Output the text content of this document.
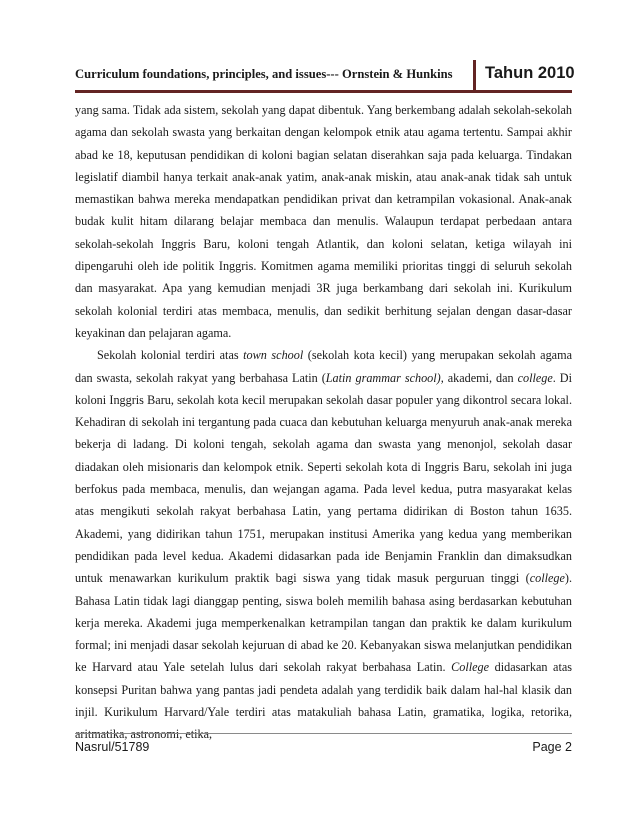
Curriculum foundations, principles, and issues--- Ornstein & Hunkins Tahun 2010

yang sama. Tidak ada sistem, sekolah yang dapat dibentuk. Yang berkembang adalah sekolah-sekolah agama dan sekolah swasta yang berkaitan dengan kelompok etnik atau agama tertentu. Sampai akhir abad ke 18, keputusan pendidikan di koloni bagian selatan diserahkan saja pada keluarga. Tindakan legislatif diambil hanya terkait anak-anak yatim, anak-anak miskin, atau anak-anak tidak sah untuk memastikan bahwa mereka mendapatkan pendidikan privat dan ketrampilan vokasional. Anak-anak budak kulit hitam dilarang belajar membaca dan menulis. Walaupun terdapat perbedaan antara sekolah-sekolah Inggris Baru, koloni tengah Atlantik, dan koloni selatan, ketiga wilayah ini dipengaruhi oleh ide politik Inggris. Komitmen agama memiliki prioritas tinggi di seluruh sekolah dan masyarakat. Apa yang kemudian menjadi 3R juga berkambang dari sekolah ini. Kurikulum sekolah kolonial terdiri atas membaca, menulis, dan sedikit berhitung sejalan dengan dasar-dasar keyakinan dan pelajaran agama.

Sekolah kolonial terdiri atas town school (sekolah kota kecil) yang merupakan sekolah agama dan swasta, sekolah rakyat yang berbahasa Latin (Latin grammar school), akademi, dan college. Di koloni Inggris Baru, sekolah kota kecil merupakan sekolah dasar populer yang dikontrol secara lokal. Kehadiran di sekolah ini tergantung pada cuaca dan kebutuhan keluarga menyuruh anak-anak mereka bekerja di ladang. Di koloni tengah, sekolah agama dan swasta yang menonjol, sekolah dasar diadakan oleh misionaris dan kelompok etnik. Seperti sekolah kota di Inggris Baru, sekolah ini juga berfokus pada membaca, menulis, dan wejangan agama. Pada level kedua, putra masyarakat kelas atas mengikuti sekolah rakyat berbahasa Latin, yang pertama didirikan di Boston tahun 1635. Akademi, yang didirikan tahun 1751, merupakan institusi Amerika yang kedua yang memberikan pendidikan pada level kedua. Akademi didasarkan pada ide Benjamin Franklin dan dimaksudkan untuk menawarkan kurikulum praktik bagi siswa yang tidak masuk perguruan tinggi (college). Bahasa Latin tidak lagi dianggap penting, siswa boleh memilih bahasa asing berdasarkan kebutuhan kerja mereka. Akademi juga memperkenalkan ketrampilan tangan dan praktik ke dalam kurikulum formal; ini menjadi dasar sekolah kejuruan di abad ke 20. Kebanyakan siswa melanjutkan pendidikan ke Harvard atau Yale setelah lulus dari sekolah rakyat berbahasa Latin. College didasarkan atas konsepsi Puritan bahwa yang pantas jadi pendeta adalah yang terdidik baik dalam hal-hal klasik dan injil. Kurikulum Harvard/Yale terdiri atas matakuliah bahasa Latin, gramatika, logika, retorika, aritmatika, astronomi, etika,

Nasrul/51789	Page 2
